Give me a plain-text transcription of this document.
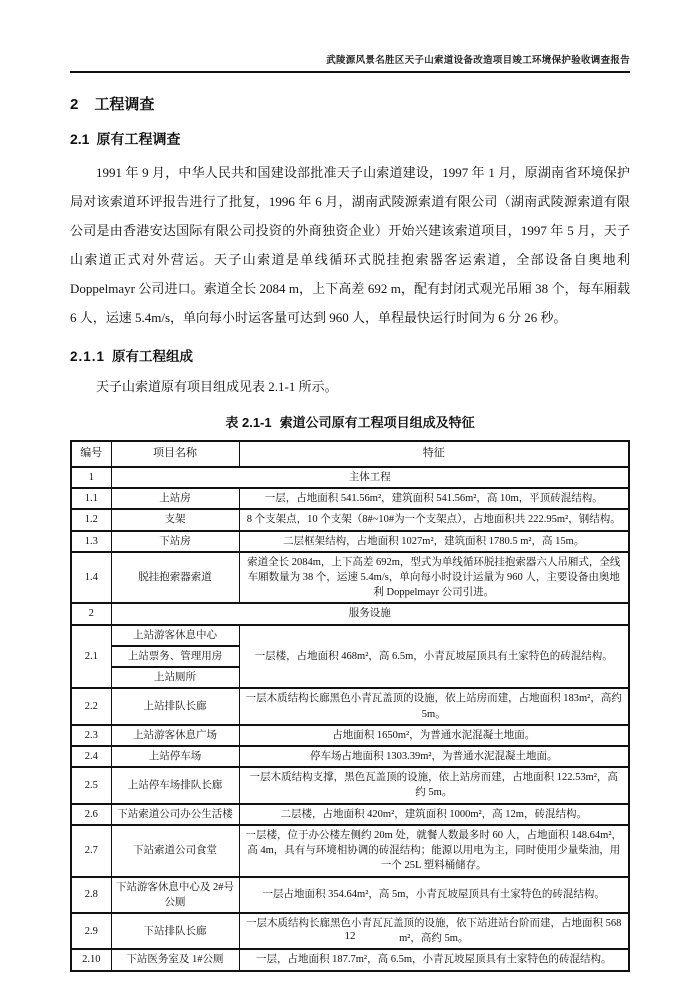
武陵源风景名胜区天子山索道设备改造项目竣工环境保护验收调查报告
2 工程调查
2.1 原有工程调查

1991 年 9 月，中华人民共和国建设部批准天子山索道建设，1997 年 1 月，原湖南省环境保护局对该索道环评报告进行了批复，1996 年 6 月，湖南武陵源索道有限公司（湖南武陵源索道有限公司是由香港安达国际有限公司投资的外商独资企业）开始兴建该索道项目，1997 年 5 月，天子山索道正式对外营运。天子山索道是单线循环式脱挂抱索器客运索道，全部设备自奥地利 Doppelmayr 公司进口。索道全长 2084 m，上下高差 692 m，配有封闭式观光吊厢 38 个，每车厢载 6 人，运速 5.4m/s，单向每小时运客量可达到 960 人，单程最快运行时间为 6 分 26 秒。

2.1.1 原有工程组成

天子山索道原有项目组成见表 2.1-1 所示。

表 2.1-1 索道公司原有工程项目组成及特征
编号	项目名称	特征
1	主体工程	
1.1	上站房	一层，占地面积 541.56m²，建筑面积 541.56m²，高 10m，平顶砖混结构。
1.2	支架	8 个支架点，10 个支架（8#~10#为一个支架点），占地面积共 222.95m²，钢结构。
1.3	下站房	二层框架结构，占地面积 1027m²，建筑面积 1780.5 m²，高 15m。
1.4	脱挂抱索器索道	索道全长 2084m，上下高差 692m，型式为单线循环脱挂抱索器六人吊厢式，全线车厢数量为 38 个，运速 5.4m/s，单向每小时设计运量为 960 人，主要设备由奥地利 Doppelmayr 公司引进。
2	服务设施	
2.1	上站游客休息中心	一层楼，占地面积 468m²，高 6.5m，小青瓦坡屋顶具有土家特色的砖混结构。
	上站票务、管理用房	
	上站厕所	
2.2	上站排队长廊	一层木质结构长廊黑色小青瓦盖顶的设施，依上站房而建，占地面积 183m²，高约 5m。
2.3	上站游客休息广场	占地面积 1650m²，为普通水泥混凝土地面。
2.4	上站停车场	停车场占地面积 1303.39m²，为普通水泥混凝土地面。
2.5	上站停车场排队长廊	一层木质结构支撑，黑色瓦盖顶的设施，依上站房而建，占地面积 122.53m²，高约 5m。
2.6	下站索道公司办公生活楼	二层楼，占地面积 420m²，建筑面积 1000m²，高 12m，砖混结构。
2.7	下站索道公司食堂	一层楼，位于办公楼左侧约 20m 处，就餐人数最多时 60 人，占地面积 148.64m²，高 4m，具有与环境相协调的砖混结构；能源以用电为主，同时使用少量柴油，用一个 25L 塑料桶储存。
2.8	下站游客休息中心及 2#号公厕	一层占地面积 354.64m²，高 5m，小青瓦坡屋顶具有土家特色的砖混结构。
2.9	下站排队长廊	一层木质结构长廊黑色小青瓦瓦盖顶的设施，依下站进站台阶而建，占地面积 568m²，高约 5m。
2.10	下站医务室及 1#公厕	一层，占地面积 187.7m²，高 6.5m，小青瓦坡屋顶具有土家特色的砖混结构。
12
